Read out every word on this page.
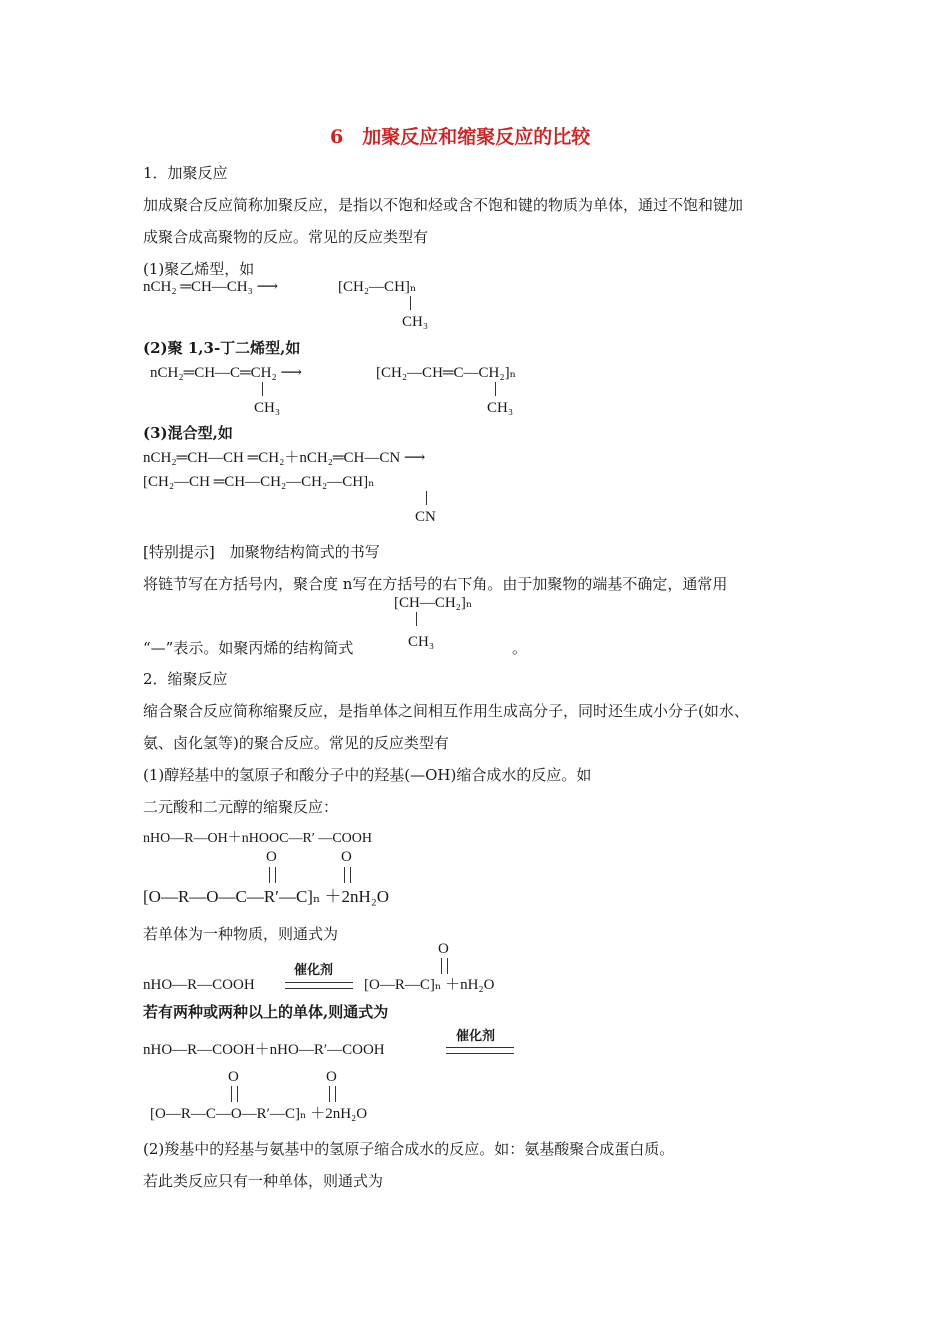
6　加聚反应和缩聚反应的比较
1．加聚反应
加成聚合反应简称加聚反应，是指以不饱和烃或含不饱和键的物质为单体，通过不饱和键加
成聚合成高聚物的反应。常见的反应类型有
(1)聚乙烯型，如
nCH₂ ═CH—CH₃ ⟶	[CH₂—CH]ₙ
CH₃
(2)聚 1,3-丁二烯型,如
nCH₂═CH—C═CH₂ ⟶
CH₃
[CH₂—CH═C—CH₂]ₙ
CH₃
(3)混合型,如
nCH₂═CH—CH ═CH₂＋nCH₂═CH—CN ⟶
[CH₂—CH ═CH—CH₂—CH₂—CH]ₙ
CN
[特别提示]　加聚物结构简式的书写
将链节写在方括号内，聚合度 n写在方括号的右下角。由于加聚物的端基不确定，通常用
[CH—CH₂]ₙ
CH₃
“—”表示。如聚丙烯的结构简式	。
2．缩聚反应
缩合聚合反应简称缩聚反应，是指单体之间相互作用生成高分子，同时还生成小分子(如水、
氨、卤化氢等)的聚合反应。常见的反应类型有
(1)醇羟基中的氢原子和酸分子中的羟基(—OH)缩合成水的反应。如
二元酸和二元醇的缩聚反应：
nHO—R—OH＋nHOOC—R′ —COOH
O	O
[O—R—O—C—R′—C]ₙ ＋2nH₂O
若单体为一种物质，则通式为
O
催化剂
nHO—R—COOH	[O—R—C]ₙ ＋nH₂O
若有两种或两种以上的单体,则通式为
催化剂
nHO—R—COOH＋nHO—R′—COOH
O	O
[O—R—C—O—R′—C]ₙ ＋2nH₂O
(2)羧基中的羟基与氨基中的氢原子缩合成水的反应。如：氨基酸聚合成蛋白质。
若此类反应只有一种单体，则通式为
